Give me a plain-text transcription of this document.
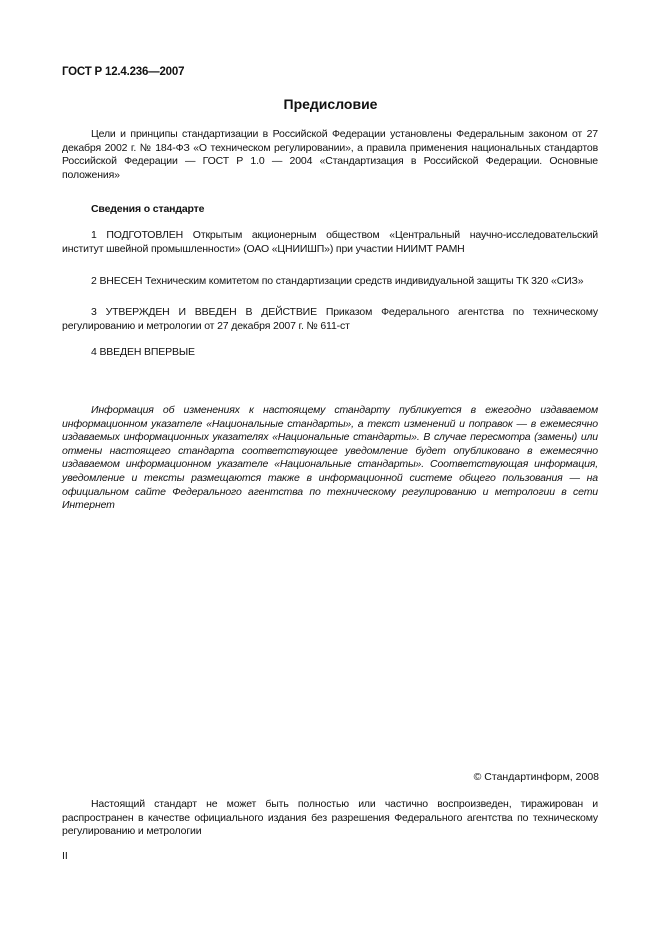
ГОСТ Р 12.4.236—2007
Предисловие

Цели и принципы стандартизации в Российской Федерации установлены Федеральным законом от 27 декабря 2002 г. № 184-ФЗ «О техническом регулировании», а правила применения национальных стандартов Российской Федерации — ГОСТ Р 1.0 — 2004 «Стандартизация в Российской Федерации. Основные положения»

Сведения о стандарте

1 ПОДГОТОВЛЕН Открытым акционерным обществом «Центральный научно-исследовательский институт швейной промышленности» (ОАО «ЦНИИШП») при участии НИИМТ РАМН

2 ВНЕСЕН Техническим комитетом по стандартизации средств индивидуальной защиты ТК 320 «СИЗ»

3 УТВЕРЖДЕН И ВВЕДЕН В ДЕЙСТВИЕ Приказом Федерального агентства по техническому регулированию и метрологии от 27 декабря 2007 г. № 611-ст

4 ВВЕДЕН ВПЕРВЫЕ

Информация об изменениях к настоящему стандарту публикуется в ежегодно издаваемом информационном указателе «Национальные стандарты», а текст изменений и поправок — в ежемесячно издаваемых информационных указателях «Национальные стандарты». В случае пересмотра (замены) или отмены настоящего стандарта соответствующее уведомление будет опубликовано в ежемесячно издаваемом информационном указателе «Национальные стандарты». Соответствующая информация, уведомление и тексты размещаются также в информационной системе общего пользования — на официальном сайте Федерального агентства по техническому регулированию и метрологии в сети Интернет

© Стандартинформ, 2008

Настоящий стандарт не может быть полностью или частично воспроизведен, тиражирован и распространен в качестве официального издания без разрешения Федерального агентства по техническому регулированию и метрологии

II
